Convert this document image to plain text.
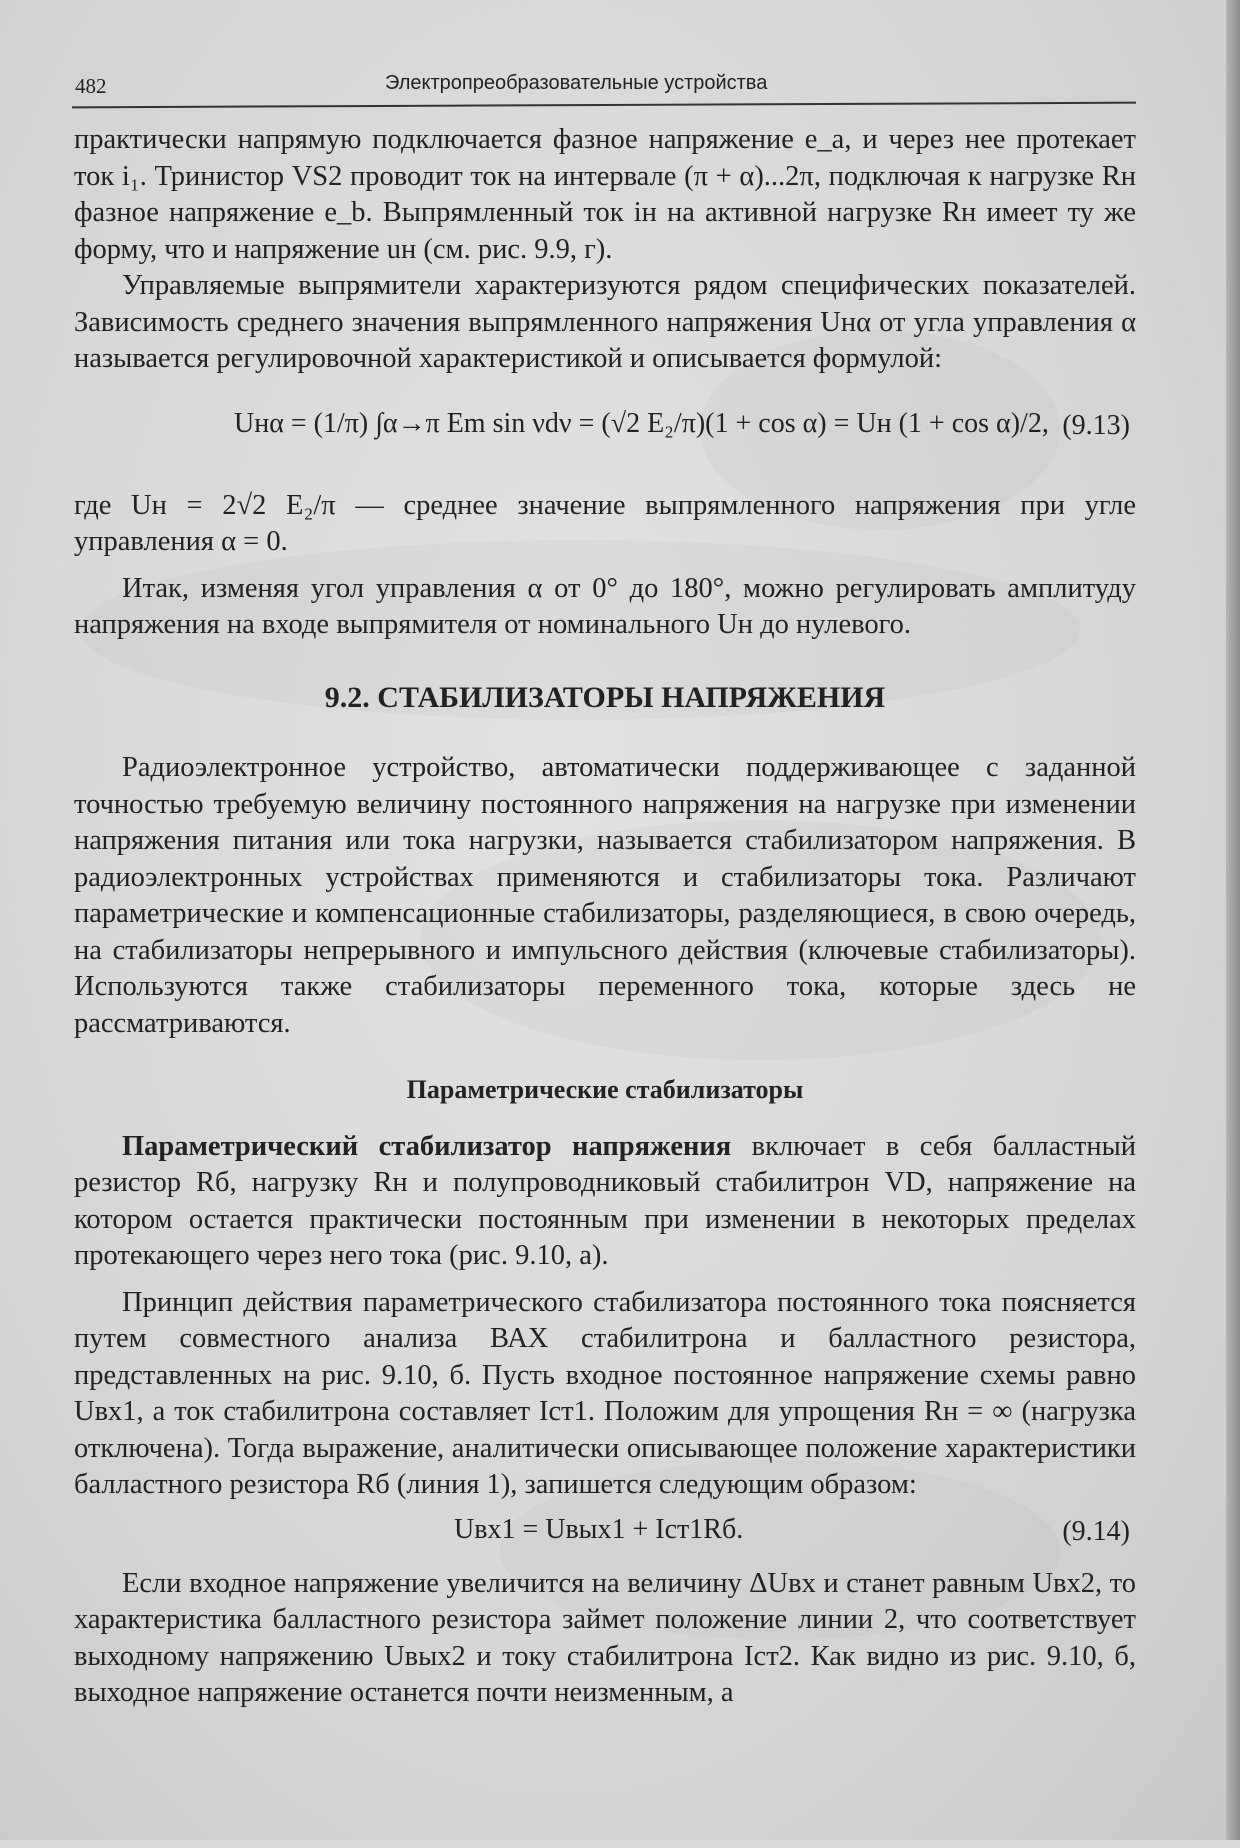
482	Электропреобразовательные устройства

практически напрямую подключается фазное напряжение e_a, и через нее протекает ток i₁. Тринистор VS2 проводит ток на интервале (π + α)...2π, подключая к нагрузке Rн фазное напряжение e_b. Выпрямленный ток iн на активной нагрузке Rн имеет ту же форму, что и напряжение uн (см. рис. 9.9, г).

Управляемые выпрямители характеризуются рядом специфических показателей. Зависимость среднего значения выпрямленного напряжения Uнα от угла управления α называется регулировочной характеристикой и описывается формулой:

Uнα = (1/π) ∫α→π Em sin νdν = (√2 E₂/π)(1 + cos α) = Uн (1 + cos α)/2, (9.13)

где Uн = 2√2 E₂/π — среднее значение выпрямленного напряжения при угле управления α = 0.

Итак, изменяя угол управления α от 0° до 180°, можно регулировать амплитуду напряжения на входе выпрямителя от номинального Uн до нулевого.

9.2. СТАБИЛИЗАТОРЫ НАПРЯЖЕНИЯ

Радиоэлектронное устройство, автоматически поддерживающее с заданной точностью требуемую величину постоянного напряжения на нагрузке при изменении напряжения питания или тока нагрузки, называется стабилизатором напряжения. В радиоэлектронных устройствах применяются и стабилизаторы тока. Различают параметрические и компенсационные стабилизаторы, разделяющиеся, в свою очередь, на стабилизаторы непрерывного и импульсного действия (ключевые стабилизаторы). Используются также стабилизаторы переменного тока, которые здесь не рассматриваются.

Параметрические стабилизаторы

Параметрический стабилизатор напряжения включает в себя балластный резистор Rб, нагрузку Rн и полупроводниковый стабилитрон VD, напряжение на котором остается практически постоянным при изменении в некоторых пределах протекающего через него тока (рис. 9.10, а).

Принцип действия параметрического стабилизатора постоянного тока поясняется путем совместного анализа ВАХ стабилитрона и балластного резистора, представленных на рис. 9.10, б. Пусть входное постоянное напряжение схемы равно Uвх1, а ток стабилитрона составляет Iст1. Положим для упрощения Rн = ∞ (нагрузка отключена). Тогда выражение, аналитически описывающее положение характеристики балластного резистора Rб (линия 1), запишется следующим образом:

Uвх1 = Uвых1 + Iст1Rб.	(9.14)

Если входное напряжение увеличится на величину ΔUвх и станет равным Uвх2, то характеристика балластного резистора займет положение линии 2, что соответствует выходному напряжению Uвых2 и току стабилитрона Iст2. Как видно из рис. 9.10, б, выходное напряжение останется почти неизменным, а
